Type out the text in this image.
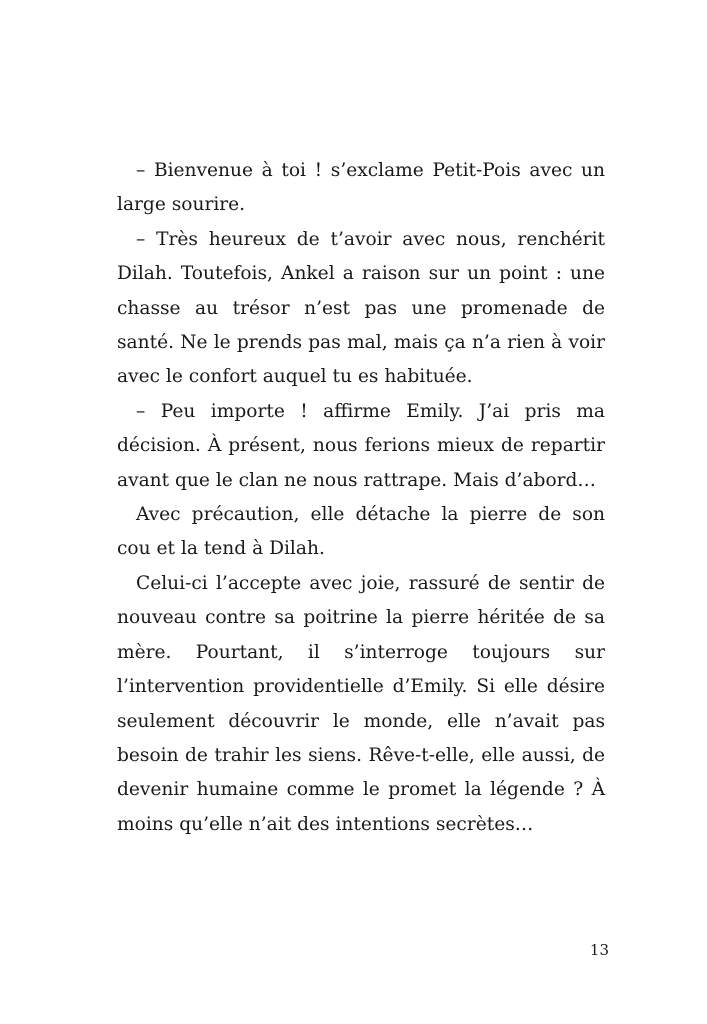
– Bienvenue à toi ! s’exclame Petit-Pois avec un large sourire.

– Très heureux de t’avoir avec nous, renchérit Dilah. Toutefois, Ankel a raison sur un point : une chasse au trésor n’est pas une promenade de santé. Ne le prends pas mal, mais ça n’a rien à voir avec le confort auquel tu es habituée.

– Peu importe ! affirme Emily. J’ai pris ma décision. À présent, nous ferions mieux de repartir avant que le clan ne nous rattrape. Mais d’abord…

Avec précaution, elle détache la pierre de son cou et la tend à Dilah.

Celui-ci l’accepte avec joie, rassuré de sentir de nouveau contre sa poitrine la pierre héritée de sa mère. Pourtant, il s’interroge toujours sur l’intervention providentielle d’Emily. Si elle désire seulement découvrir le monde, elle n’avait pas besoin de trahir les siens. Rêve-t-elle, elle aussi, de devenir humaine comme le promet la légende ? À moins qu’elle n’ait des intentions secrètes…

13
